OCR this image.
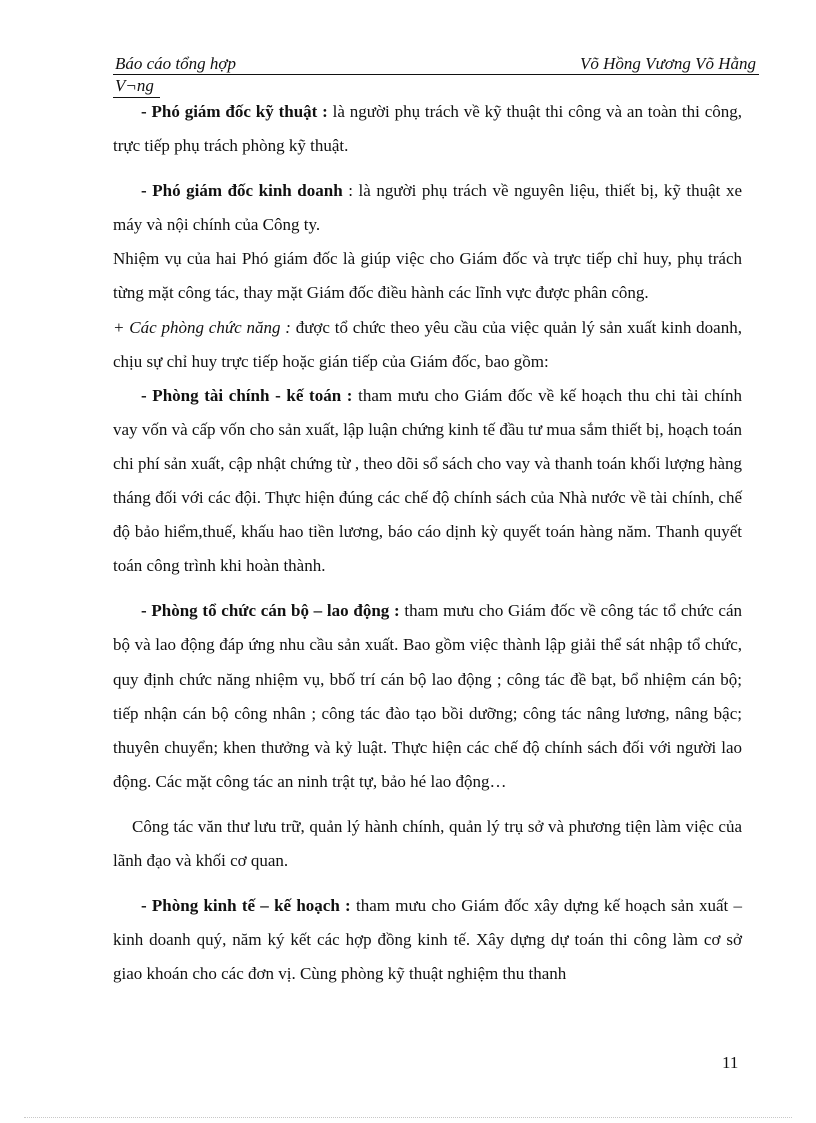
Báo cáo tổng hợp	Võ Hồng Vương Võ Hằng
V¬ng

- Phó giám đốc kỹ thuật : là người phụ trách về kỹ thuật thi công và an toàn thi công, trực tiếp phụ trách phòng kỹ thuật.

- Phó giám đốc kinh doanh : là người phụ trách về nguyên liệu, thiết bị, kỹ thuật xe máy và nội chính của Công ty.

Nhiệm vụ của hai Phó giám đốc là giúp việc cho Giám đốc và trực tiếp chỉ huy, phụ trách từng mặt công tác, thay mặt Giám đốc điều hành các lĩnh vực được phân công.

+ Các phòng chức năng : được tổ chức theo yêu cầu của việc quản lý sản xuất kinh doanh, chịu sự chỉ huy trực tiếp hoặc gián tiếp của Giám đốc, bao gồm:

- Phòng tài chính - kế toán : tham mưu cho Giám đốc về kế hoạch thu chi tài chính vay vốn và cấp vốn cho sản xuất, lập luận chứng kinh tế đầu tư mua sắm thiết bị, hoạch toán chi phí sản xuất, cập nhật chứng từ , theo dõi sổ sách cho vay và thanh toán khối lượng hàng tháng đối với các đội. Thực hiện đúng các chế độ chính sách của Nhà nước về tài chính, chế độ bảo hiểm,thuế, khấu hao tiền lương, báo cáo dịnh kỳ quyết toán hàng năm. Thanh quyết toán công trình khi hoàn thành.

- Phòng tổ chức cán bộ – lao động : tham mưu cho Giám đốc về công tác tổ chức cán bộ và lao động đáp ứng nhu cầu sản xuất. Bao gồm việc thành lập giải thể sát nhập tổ chức, quy định chức năng nhiệm vụ, bbố trí cán bộ lao động ; công tác đề bạt, bổ nhiệm cán bộ; tiếp nhận cán bộ công nhân ; công tác đào tạo bồi dưỡng; công tác nâng lương, nâng bậc; thuyên chuyển; khen thưởng và kỷ luật. Thực hiện các chế độ chính sách đối với người lao động. Các mặt công tác an ninh trật tự, bảo hé lao động…

Công tác văn thư lưu trữ, quản lý hành chính, quản lý trụ sở và phương tiện làm việc của lãnh đạo và khối cơ quan.

- Phòng kinh tế – kế hoạch : tham mưu cho Giám đốc xây dựng kế hoạch sản xuất – kinh doanh quý, năm ký kết các hợp đồng kinh tế. Xây dựng dự toán thi công làm cơ sở giao khoán cho các đơn vị. Cùng phòng kỹ thuật nghiệm thu thanh

11
